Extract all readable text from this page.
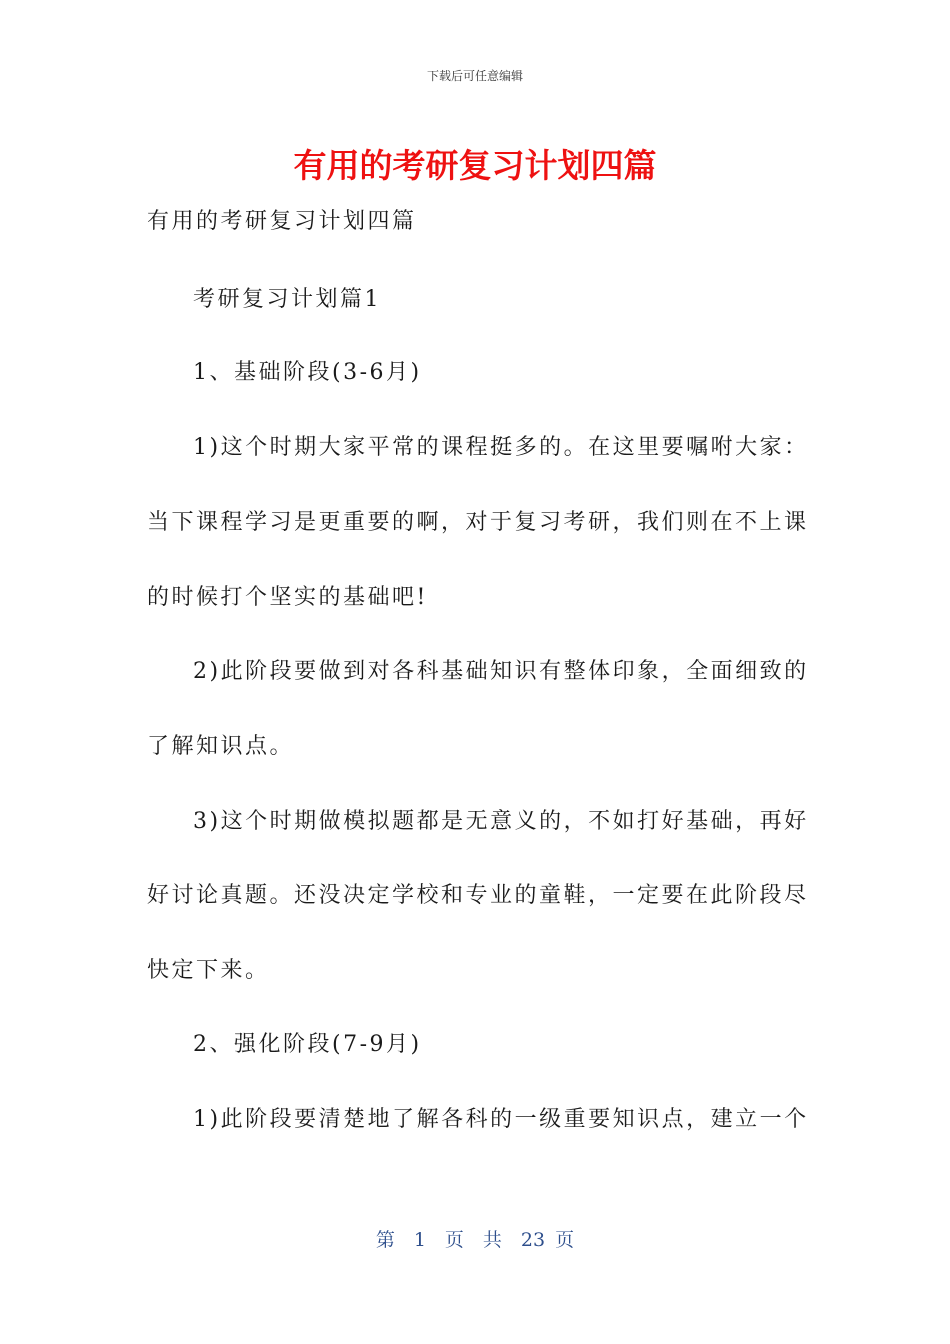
下载后可任意编辑
有用的考研复习计划四篇
有用的考研复习计划四篇
考研复习计划篇1
1、基础阶段(3-6月)
1)这个时期大家平常的课程挺多的。在这里要嘱咐大家：
当下课程学习是更重要的啊，对于复习考研，我们则在不上课
的时候打个坚实的基础吧!
2)此阶段要做到对各科基础知识有整体印象，全面细致的
了解知识点。
3)这个时期做模拟题都是无意义的，不如打好基础，再好
好讨论真题。还没决定学校和专业的童鞋，一定要在此阶段尽
快定下来。
2、强化阶段(7-9月)
1)此阶段要清楚地了解各科的一级重要知识点，建立一个
第　1　页　共　23 页
